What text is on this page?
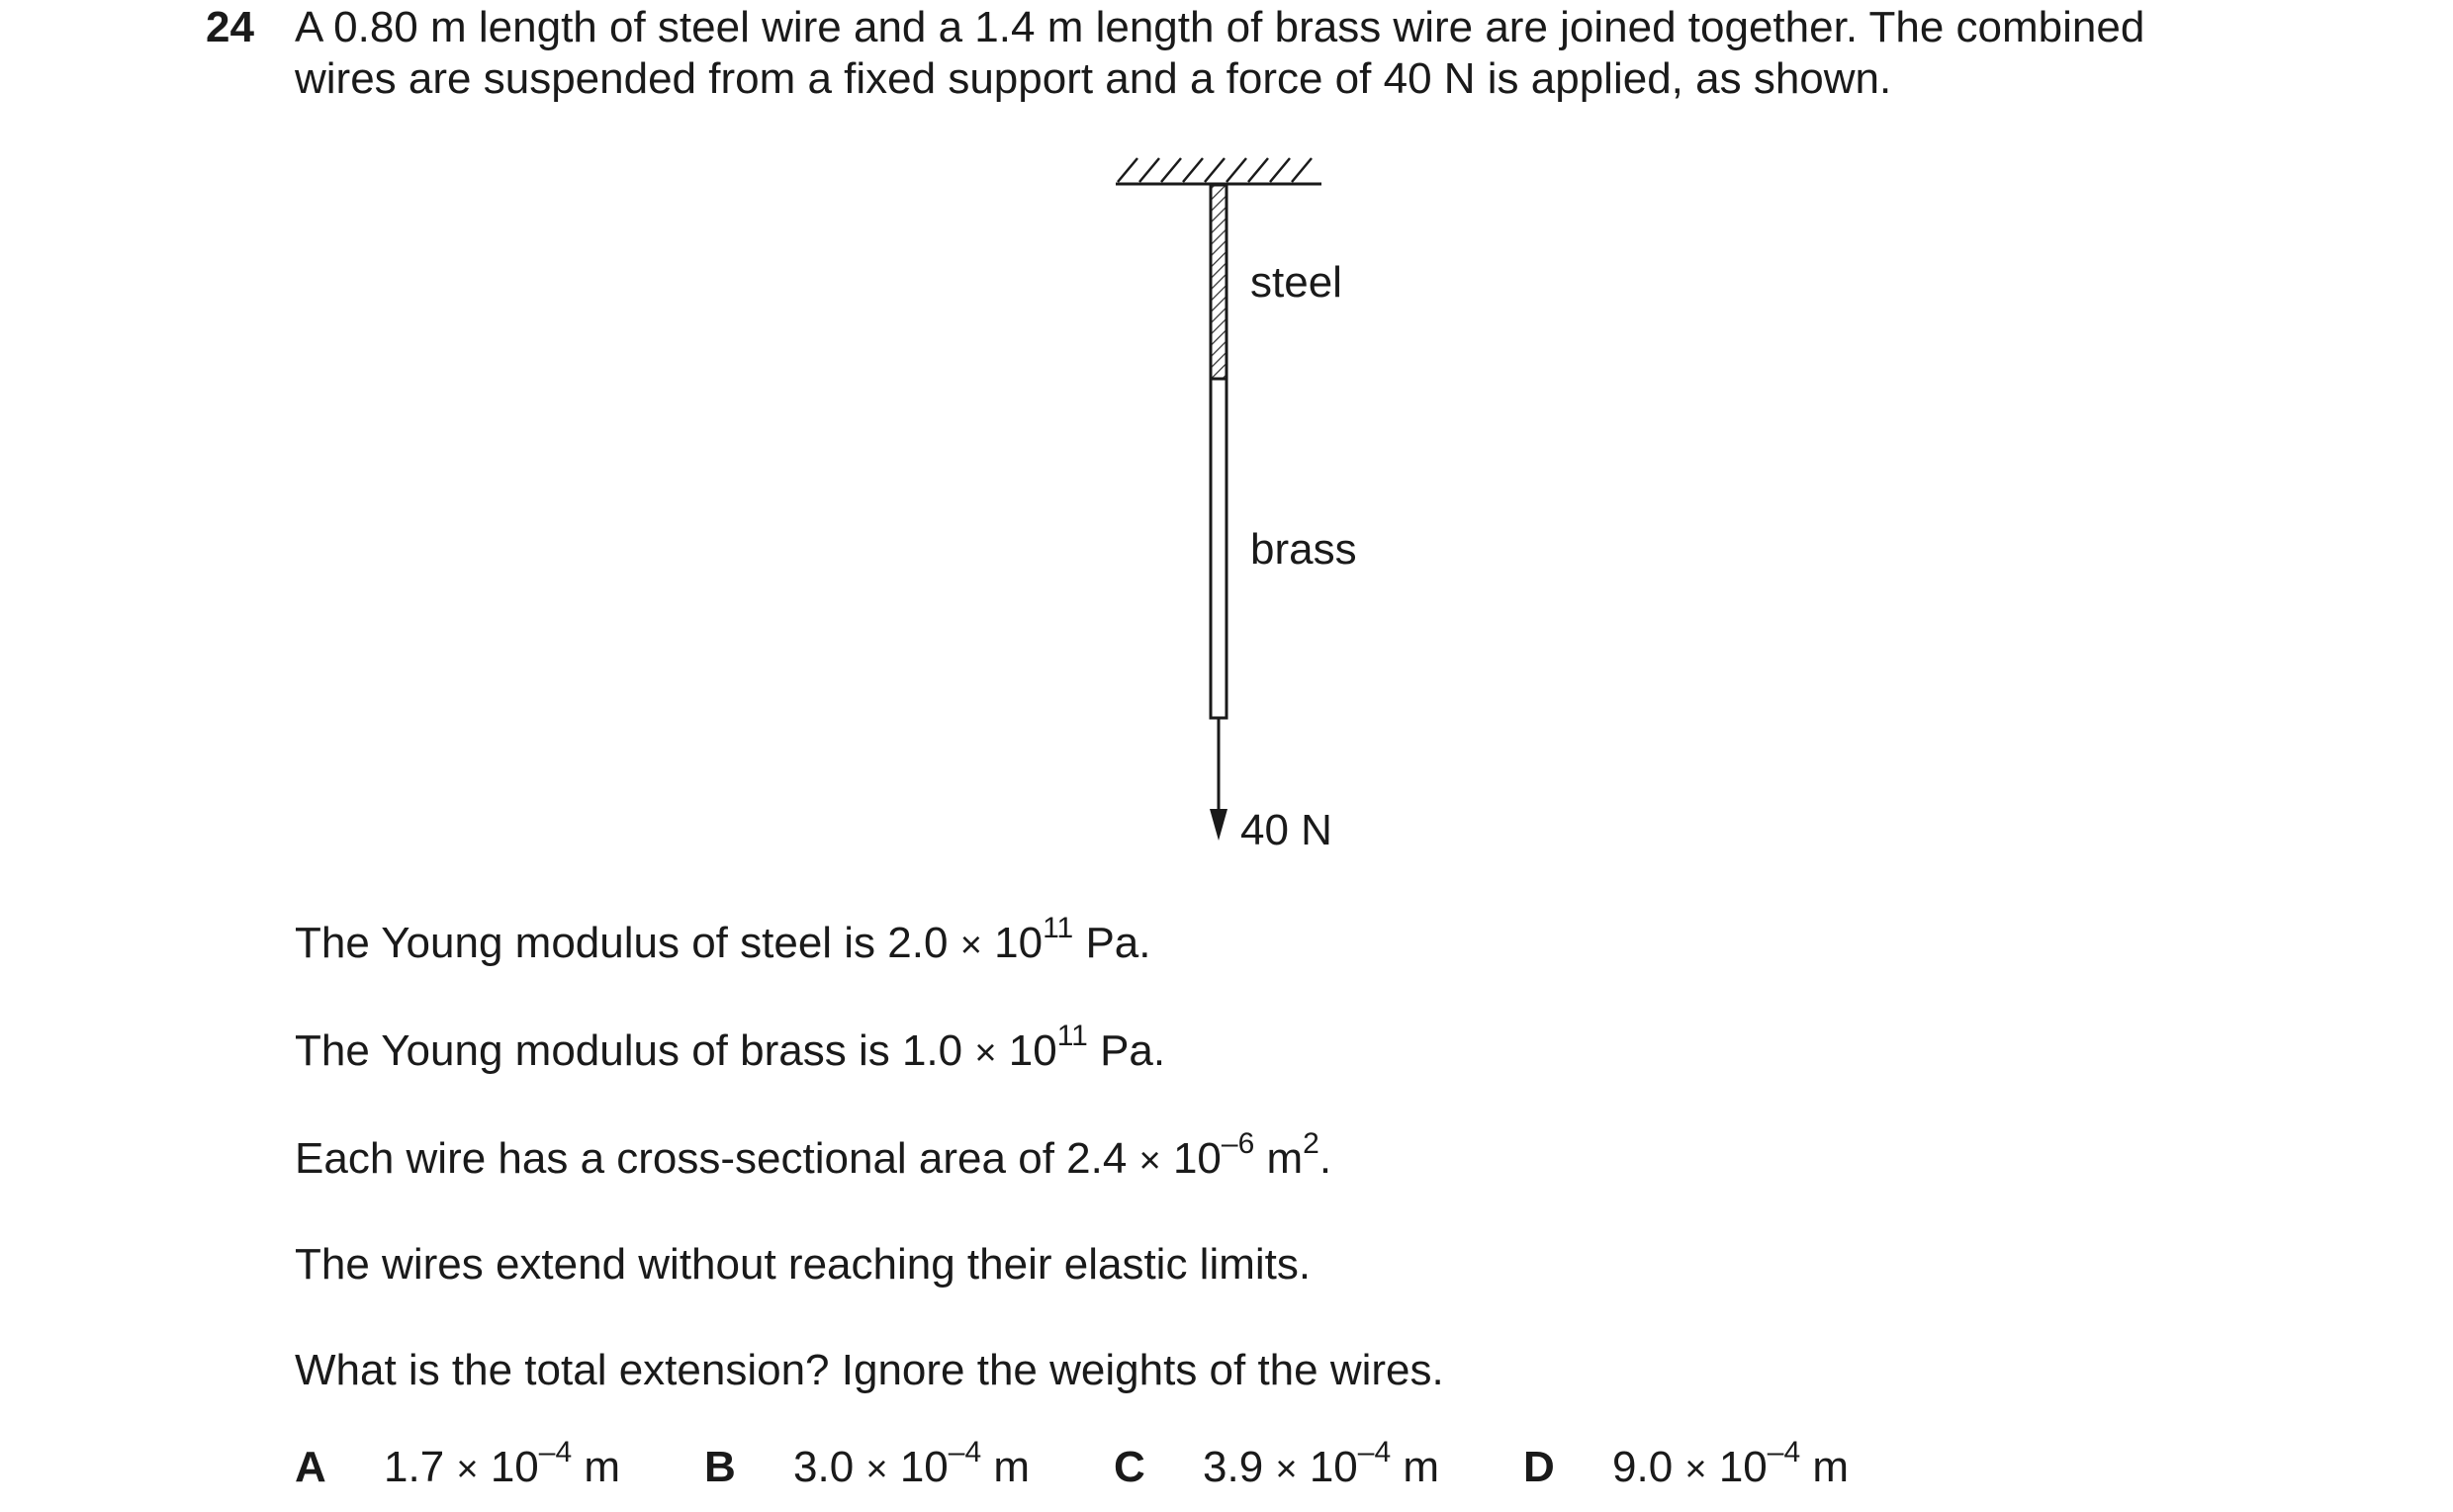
24 A 0.80 m length of steel wire and a 1.4 m length of brass wire are joined together. The combined
wires are suspended from a fixed support and a force of 40 N is applied, as shown.
steel
brass
40 N
The Young modulus of steel is $2.0 \times 10^{11}$ Pa.
The Young modulus of brass is $1.0 \times 10^{11}$ Pa.
Each wire has a cross-sectional area of $2.4 \times 10^{-6}$ $m^2$.
The wires extend without reaching their elastic limits.
What is the total extension? Ignore the weights of the wires.
A $1.7 \times 10^{-4}$ m B $3.0 \times 10^{-4}$ m C $3.9 \times 10^{-4}$ m D $9.0 \times 10^{-4}$ m
